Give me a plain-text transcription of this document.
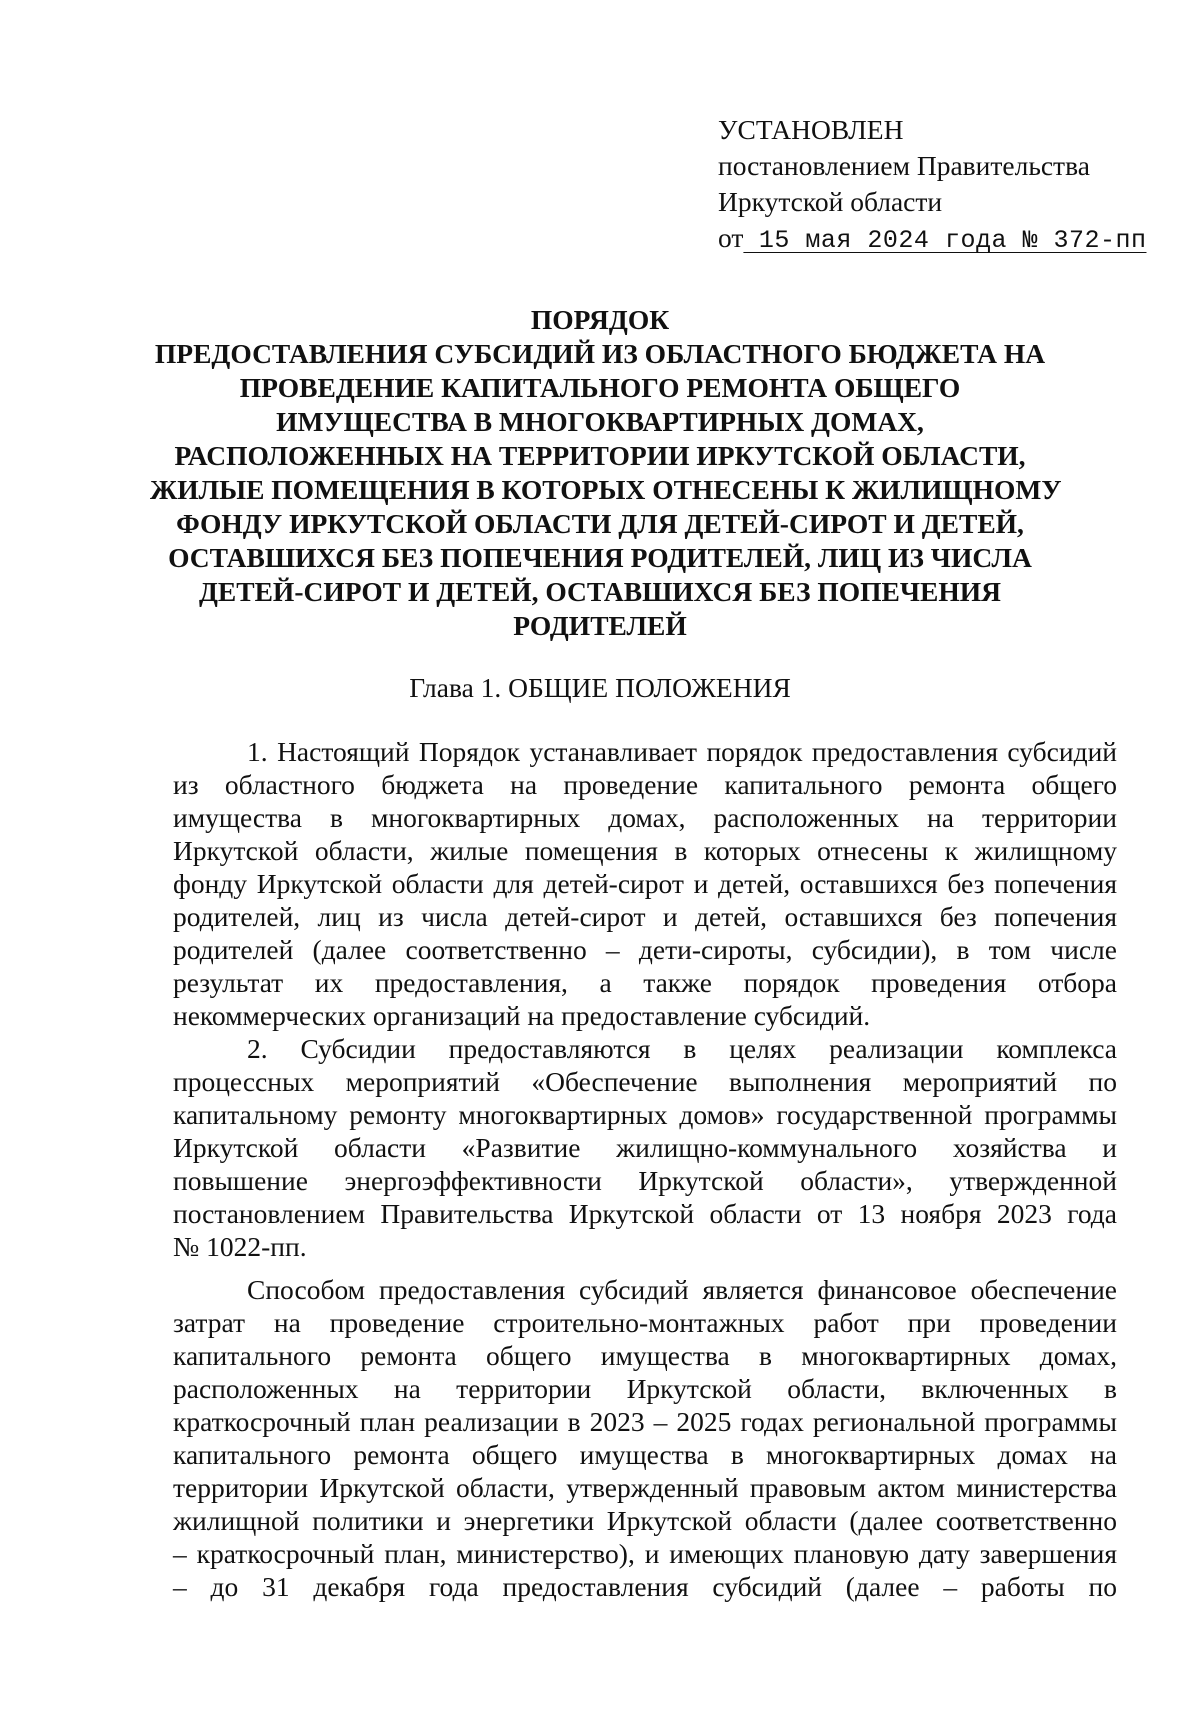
УСТАНОВЛЕН
постановлением Правительства
Иркутской области
от 15 мая 2024 года № 372-пп
ПОРЯДОК
ПРЕДОСТАВЛЕНИЯ СУБСИДИЙ ИЗ ОБЛАСТНОГО БЮДЖЕТА НА
ПРОВЕДЕНИЕ КАПИТАЛЬНОГО РЕМОНТА ОБЩЕГО
ИМУЩЕСТВА В МНОГОКВАРТИРНЫХ ДОМАХ,
РАСПОЛОЖЕННЫХ НА ТЕРРИТОРИИ ИРКУТСКОЙ ОБЛАСТИ,
ЖИЛЫЕ ПОМЕЩЕНИЯ В КОТОРЫХ ОТНЕСЕНЫ К ЖИЛИЩНОМУ
ФОНДУ ИРКУТСКОЙ ОБЛАСТИ ДЛЯ ДЕТЕЙ-СИРОТ И ДЕТЕЙ,
ОСТАВШИХСЯ БЕЗ ПОПЕЧЕНИЯ РОДИТЕЛЕЙ, ЛИЦ ИЗ ЧИСЛА
ДЕТЕЙ-СИРОТ И ДЕТЕЙ, ОСТАВШИХСЯ БЕЗ ПОПЕЧЕНИЯ
РОДИТЕЛЕЙ
Глава 1. ОБЩИЕ ПОЛОЖЕНИЯ
1. Настоящий Порядок устанавливает порядок предоставления субсидий
из областного бюджета на проведение капитального ремонта общего
имущества в многоквартирных домах, расположенных на территории
Иркутской области, жилые помещения в которых отнесены к жилищному
фонду Иркутской области для детей-сирот и детей, оставшихся без попечения
родителей, лиц из числа детей-сирот и детей, оставшихся без попечения
родителей (далее соответственно – дети-сироты, субсидии), в том числе
результат их предоставления, а также порядок проведения отбора
некоммерческих организаций на предоставление субсидий.
2. Субсидии предоставляются в целях реализации комплекса
процессных мероприятий «Обеспечение выполнения мероприятий по
капитальному ремонту многоквартирных домов» государственной программы
Иркутской области «Развитие жилищно-коммунального хозяйства и
повышение энергоэффективности Иркутской области», утвержденной
постановлением Правительства Иркутской области от 13 ноября 2023 года
№ 1022-пп.
Способом предоставления субсидий является финансовое обеспечение
затрат на проведение строительно-монтажных работ при проведении
капитального ремонта общего имущества в многоквартирных домах,
расположенных на территории Иркутской области, включенных в
краткосрочный план реализации в 2023 – 2025 годах региональной программы
капитального ремонта общего имущества в многоквартирных домах на
территории Иркутской области, утвержденный правовым актом министерства
жилищной политики и энергетики Иркутской области (далее соответственно
– краткосрочный план, министерство), и имеющих плановую дату завершения
– до 31 декабря года предоставления субсидий (далее – работы по
